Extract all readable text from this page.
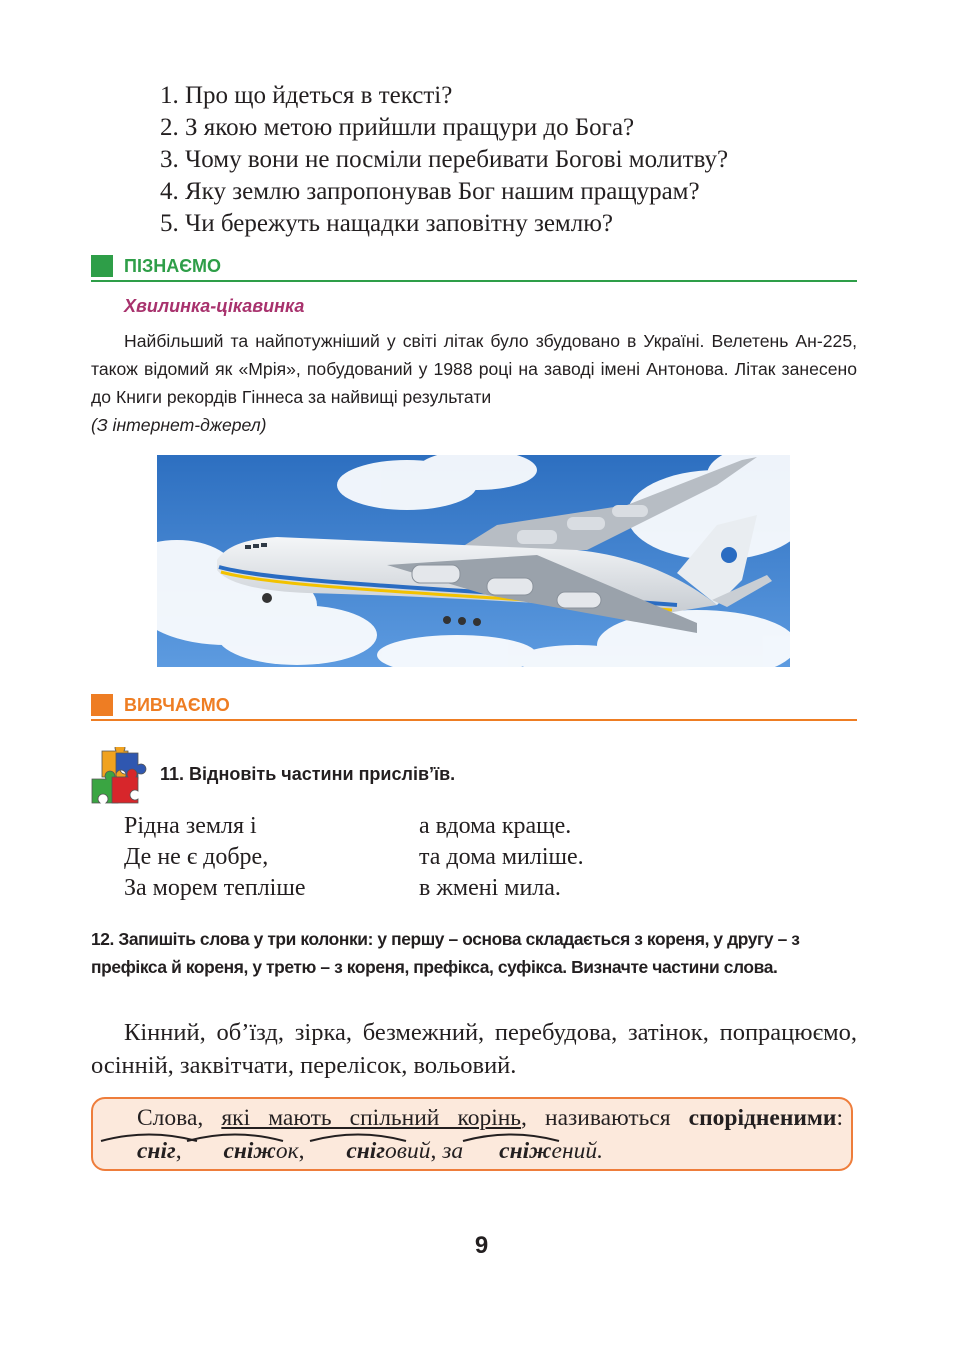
1. Про що йдеться в тексті?
2. З якою метою прийшли пращури до Бога?
3. Чому вони не посміли перебивати Богові молитву?
4. Яку землю запропонував Бог нашим пращурам?
5. Чи бережуть нащадки заповітну землю?
ПІЗНАЄМО
Хвилинка-цікавинка

Найбільший та найпотужніший у світі літак було збудовано в Україні. Велетень Ан-225, також відомий як «Мрія», побудований у 1988 році на заводі імені Антонова. Літак занесено до Книги рекордів Гіннеса за найвищі результати

(З інтернет-джерел)
ВИВЧАЄМО
11. Відновіть частини прислів’їв.
Рідна земля і	а вдома краще.
Де не є добре,	та дома миліше.
За морем тепліше	в жмені мила.

12. Запишіть слова у три колонки: у першу – основа складається з кореня, у другу – з префікса й кореня, у третю – з кореня, префікса, суфікса. Визначте частини слова.

Кінний, об’їзд, зірка, безмежний, перебудова, затінок, попрацюємо, осінній, заквітчати, перелісок, вольовий.

Слова, які мають спільний корінь, називаються спорідненими:
сніг,
сніжок,
сніговий, за сніжений.
9
